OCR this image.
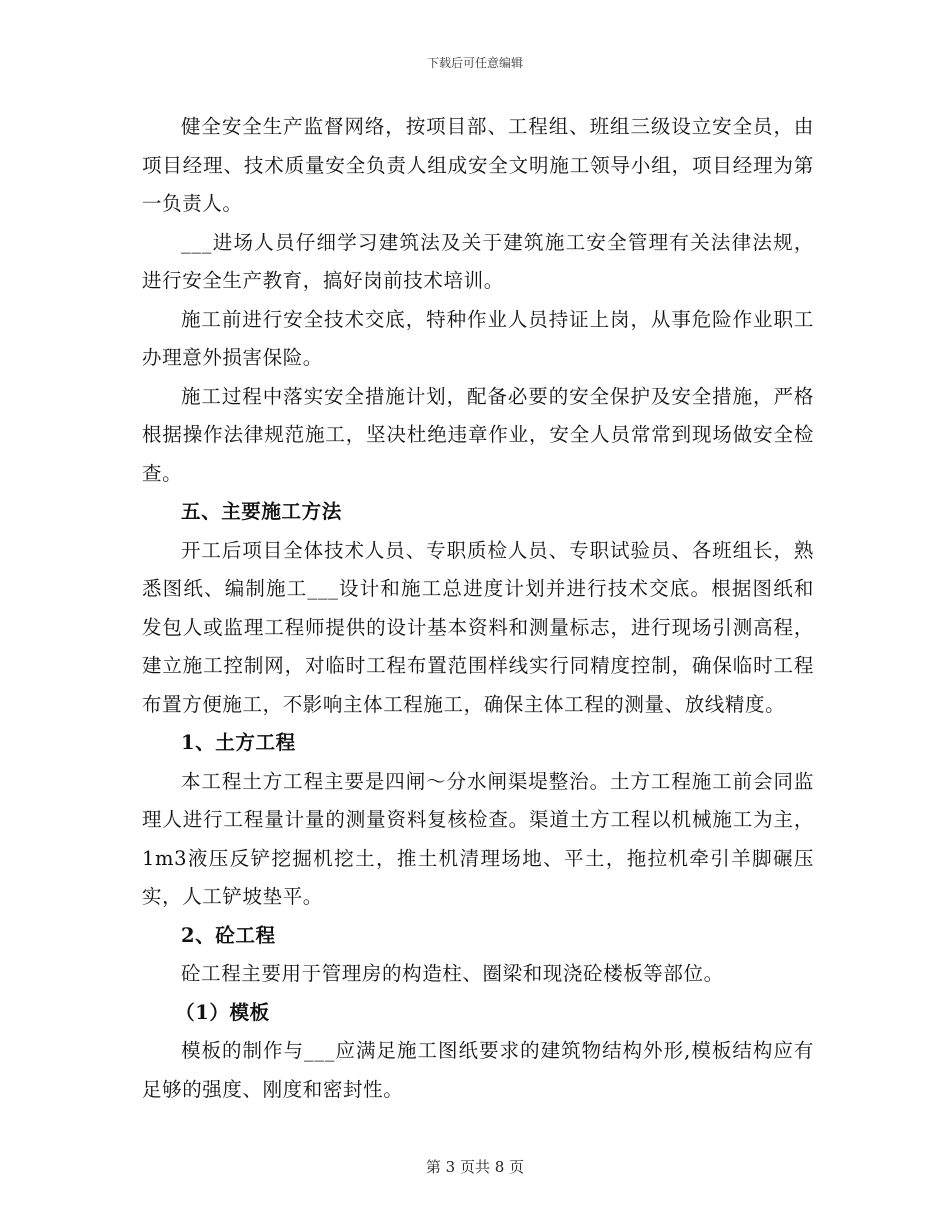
下载后可任意编辑

健全安全生产监督网络，按项目部、工程组、班组三级设立安全员，由项目经理、技术质量安全负责人组成安全文明施工领导小组，项目经理为第一负责人。

___进场人员仔细学习建筑法及关于建筑施工安全管理有关法律法规，进行安全生产教育，搞好岗前技术培训。

施工前进行安全技术交底，特种作业人员持证上岗，从事危险作业职工办理意外损害保险。

施工过程中落实安全措施计划，配备必要的安全保护及安全措施，严格根据操作法律规范施工，坚决杜绝违章作业，安全人员常常到现场做安全检查。

五、主要施工方法

开工后项目全体技术人员、专职质检人员、专职试验员、各班组长，熟悉图纸、编制施工___设计和施工总进度计划并进行技术交底。根据图纸和发包人或监理工程师提供的设计基本资料和测量标志，进行现场引测高程，建立施工控制网，对临时工程布置范围样线实行同精度控制，确保临时工程布置方便施工，不影响主体工程施工，确保主体工程的测量、放线精度。

1、土方工程

本工程土方工程主要是四闸～分水闸渠堤整治。土方工程施工前会同监理人进行工程量计量的测量资料复核检查。渠道土方工程以机械施工为主，1m3液压反铲挖掘机挖土，推土机清理场地、平土，拖拉机牵引羊脚碾压实，人工铲坡垫平。

2、砼工程

砼工程主要用于管理房的构造柱、圈梁和现浇砼楼板等部位。

（1）模板

模板的制作与___应满足施工图纸要求的建筑物结构外形,模板结构应有足够的强度、刚度和密封性。

第 3 页共 8 页
